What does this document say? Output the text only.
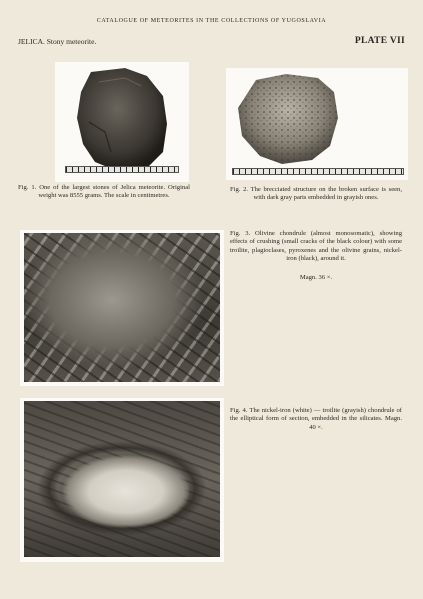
CATALOGUE OF METEORITES IN THE COLLECTIONS OF YUGOSLAVIA
JELICA. Stony meteorite.	PLATE VII
Fig. 1. One of the largest stones of Jelica meteorite. Original weight was 8555 grams. The scale in centimetres.
Fig. 2. The brecciated structure on the broken surface is seen, with dark gray parts embedded in grayish ones.
Fig. 3. Olivine chondrule (almost monosomatic), showing effects of crushing (small cracks of the black colour) with some troilite, plagioclases, pyroxenes and the olivine grains, nickel-iron (black), around it.
Magn. 36 ×.
Fig. 4. The nickel-iron (white) — troilite (grayish) chondrule of the elliptical form of section, embedded in the silicates. Magn. 40 ×.
